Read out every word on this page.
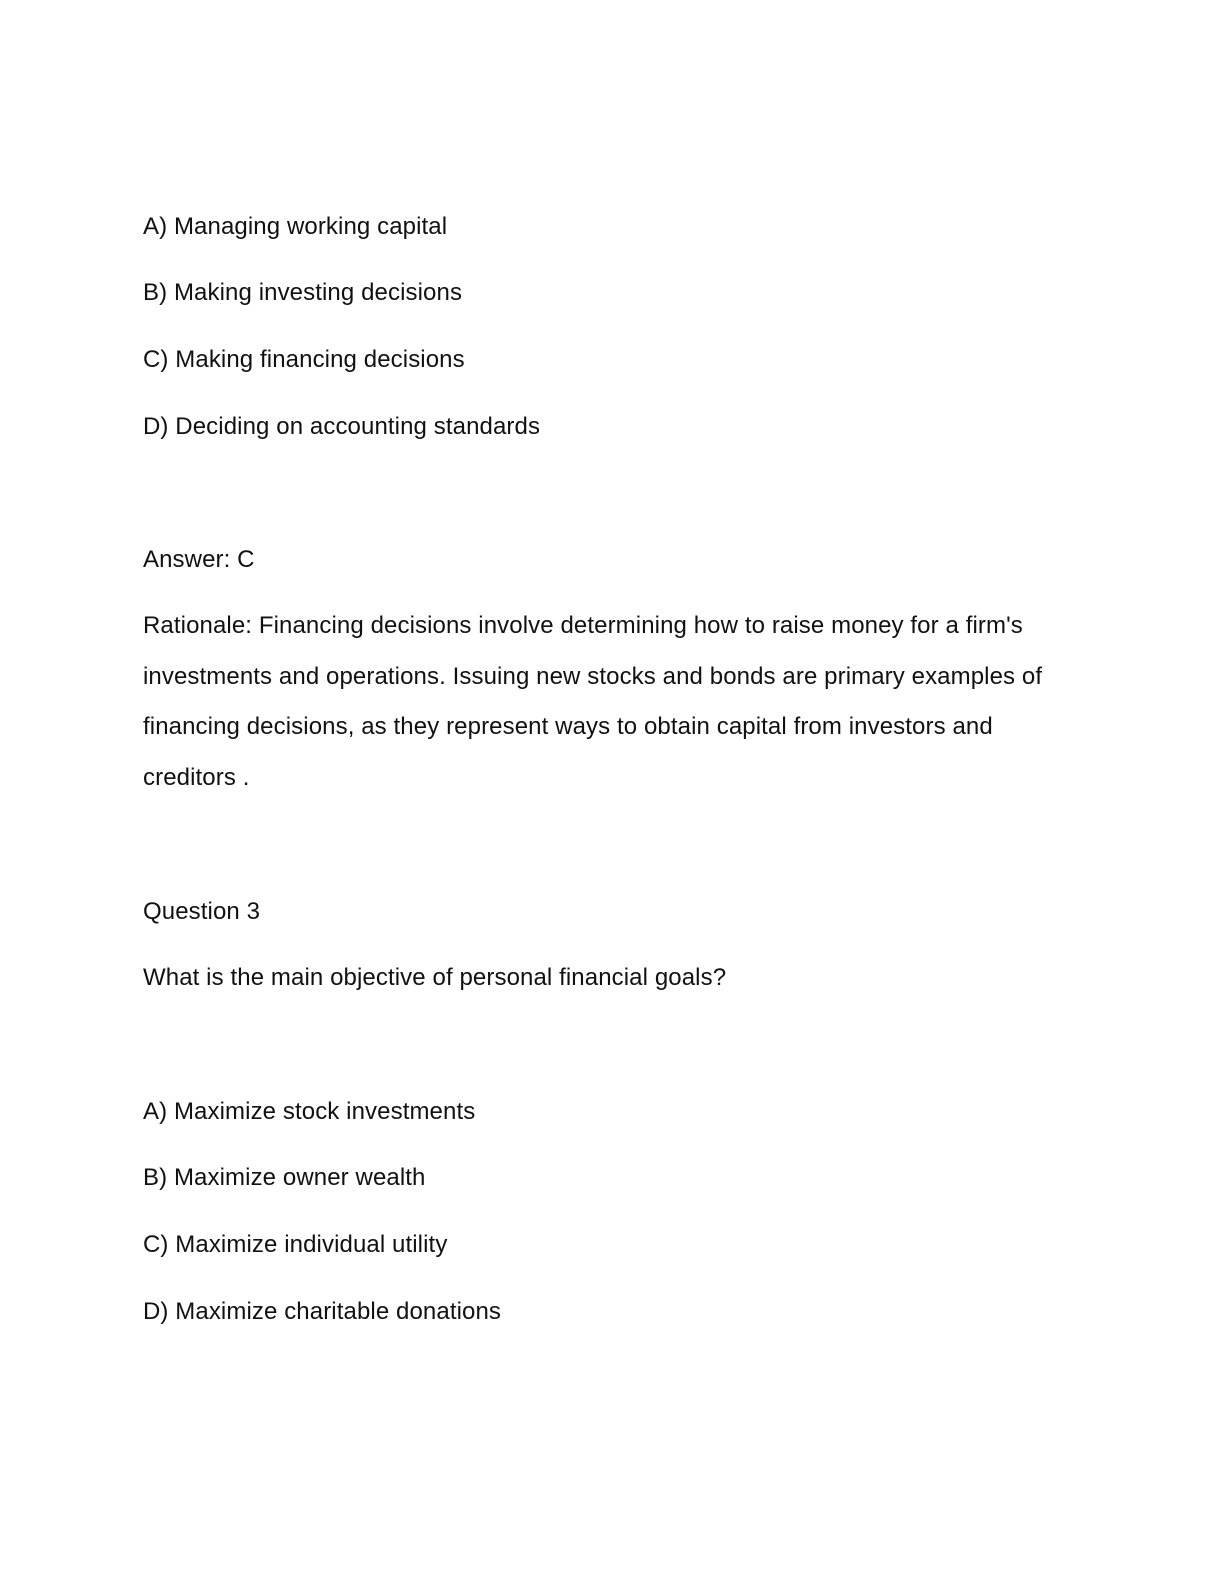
A) Managing working capital
B) Making investing decisions
C) Making financing decisions
D) Deciding on accounting standards
Answer: C
Rationale: Financing decisions involve determining how to raise money for a firm's investments and operations. Issuing new stocks and bonds are primary examples of financing decisions, as they represent ways to obtain capital from investors and creditors .
Question 3
What is the main objective of personal financial goals?
A) Maximize stock investments
B) Maximize owner wealth
C) Maximize individual utility
D) Maximize charitable donations
